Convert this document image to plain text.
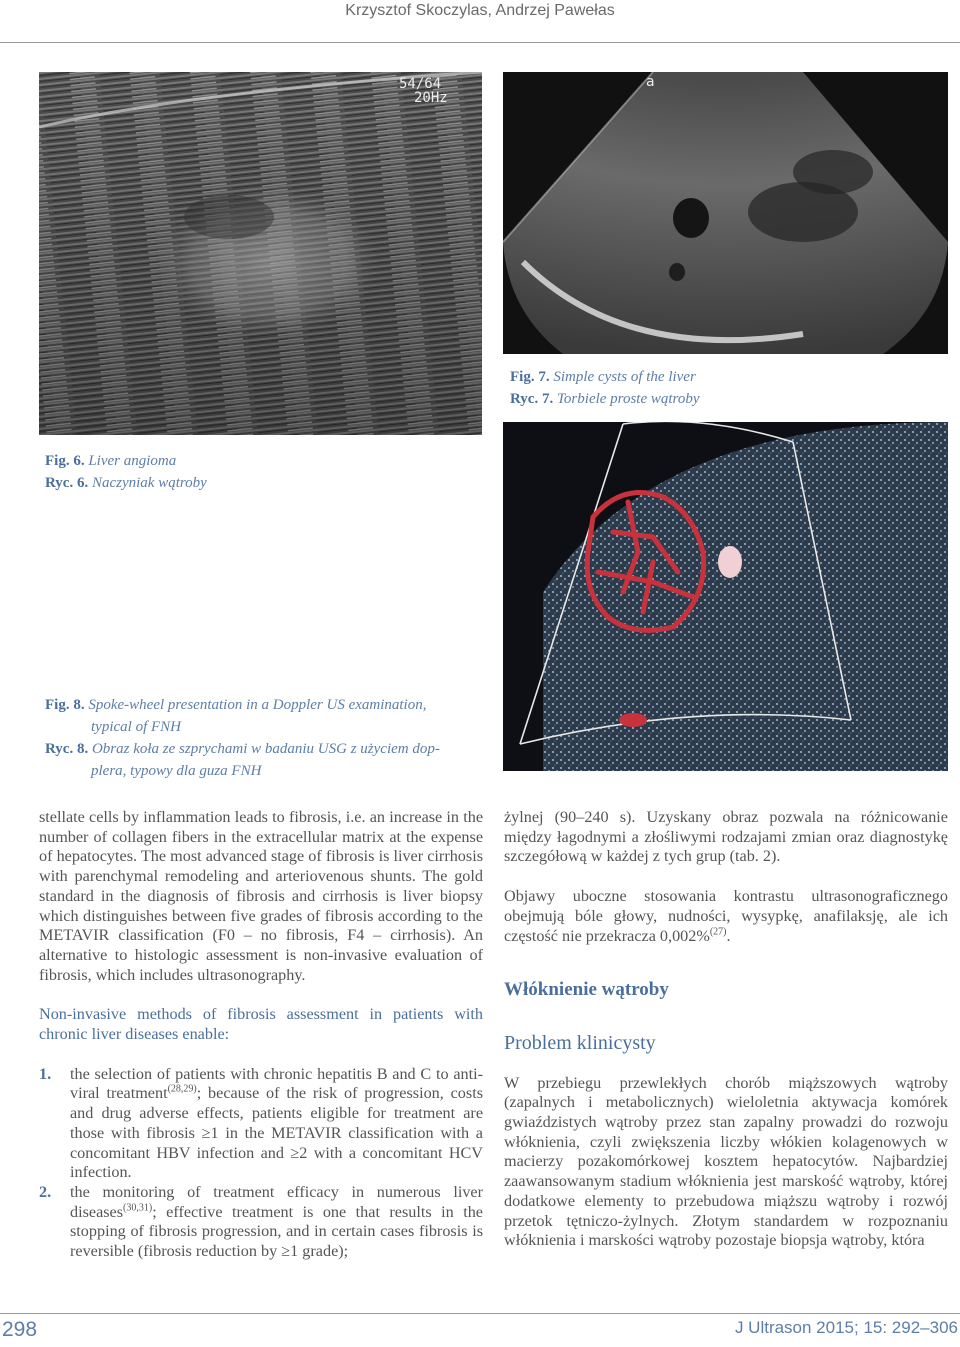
Krzysztof Skoczylas, Andrzej Pawełas
54/64
20Hz
a
Fig. 7. Simple cysts of the liver
Ryc. 7. Torbiele proste wątroby
Fig. 6. Liver angioma
Ryc. 6. Naczyniak wątroby
Fig. 8. Spoke-wheel presentation in a Doppler US examination,
typical of FNH
Ryc. 8. Obraz koła ze szprychami w badaniu USG z użyciem dop-
plera, typowy dla guza FNH

stellate cells by inflammation leads to fibrosis, i.e. an increase in the number of collagen fibers in the extracellular matrix at the expense of hepatocytes. The most advanced stage of fibrosis is liver cirrhosis with parenchymal remodeling and arteriovenous shunts. The gold standard in the diagnosis of fibrosis and cirrhosis is liver biopsy which distinguishes between five grades of fibrosis according to the METAVIR classification (F0 – no fibrosis, F4 – cirrhosis). An alternative to histologic assessment is non-invasive evaluation of fibrosis, which includes ultrasonography.

Non-invasive methods of fibrosis assessment in patients with chronic liver diseases enable:

1. the selection of patients with chronic hepatitis B and C to anti-viral treatment$^{(28,29)}$; because of the risk of progression, costs and drug adverse effects, patients eligible for treatment are those with fibrosis ≥1 in the METAVIR classification with a concomitant HBV infection and ≥2 with a concomitant HCV infection.
2. the monitoring of treatment efficacy in numerous liver diseases$^{(30,31)}$; effective treatment is one that results in the stopping of fibrosis progression, and in certain cases fibrosis is reversible (fibrosis reduction by ≥1 grade);

żylnej (90–240 s). Uzyskany obraz pozwala na różnicowanie między łagodnymi a złośliwymi rodzajami zmian oraz diagnostykę szczegółową w każdej z tych grup (tab. 2).

Objawy uboczne stosowania kontrastu ultrasonograficznego obejmują bóle głowy, nudności, wysypkę, anafilaksję, ale ich częstość nie przekracza 0,002%$^{(27)}$.

Włóknienie wątroby
Problem klinicysty

W przebiegu przewlekłych chorób miąższowych wątroby (zapalnych i metabolicznych) wieloletnia aktywacja komórek gwiaździstych wątroby przez stan zapalny prowadzi do rozwoju włóknienia, czyli zwiększenia liczby włókien kolagenowych w macierzy pozakomórkowej kosztem hepatocytów. Najbardziej zaawansowanym stadium włóknienia jest marskość wątroby, której dodatkowe elementy to przebudowa miąższu wątroby i rozwój przetok tętniczo-żylnych. Złotym standardem w rozpoznaniu włóknienia i marskości wątroby pozostaje biopsja wątroby, która

298	J Ultrason 2015; 15: 292–306
